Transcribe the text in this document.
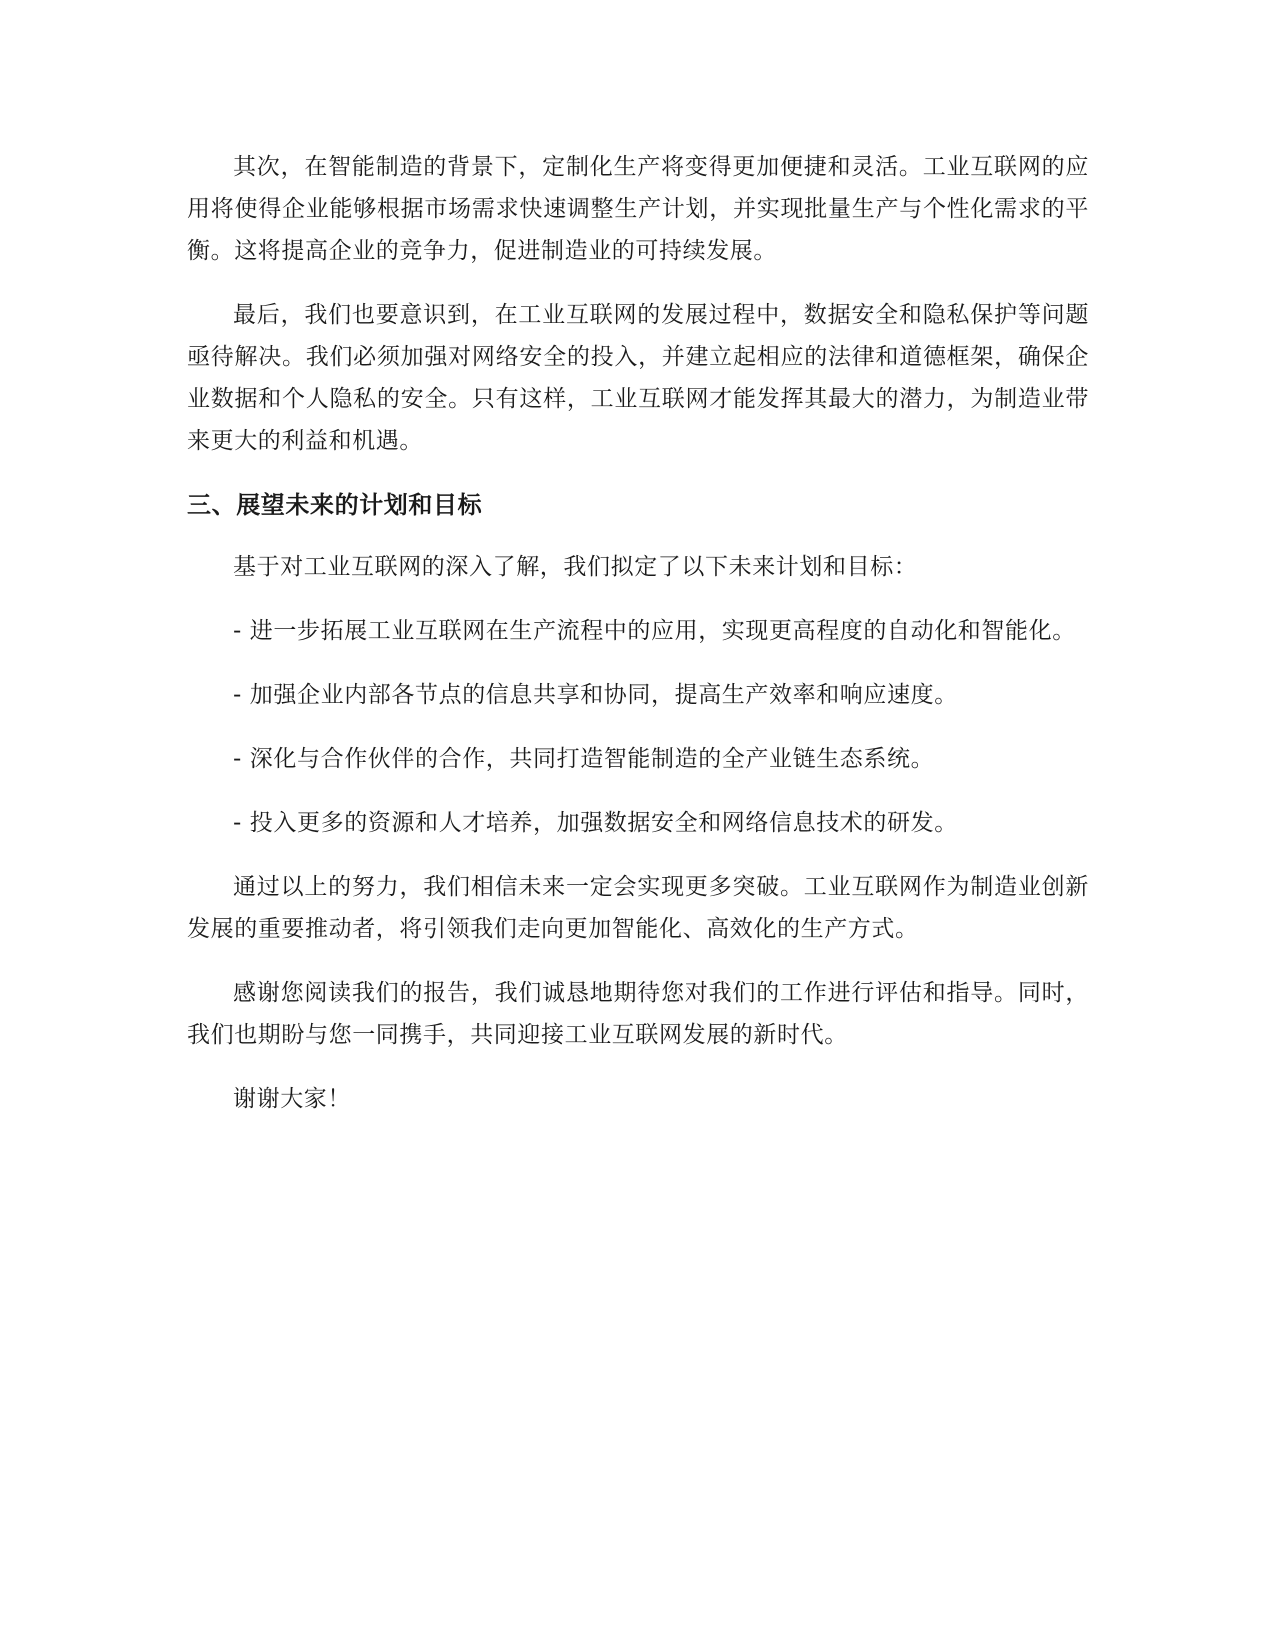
其次，在智能制造的背景下，定制化生产将变得更加便捷和灵活。工业互联网的应用将使得企业能够根据市场需求快速调整生产计划，并实现批量生产与个性化需求的平衡。这将提高企业的竞争力，促进制造业的可持续发展。

最后，我们也要意识到，在工业互联网的发展过程中，数据安全和隐私保护等问题亟待解决。我们必须加强对网络安全的投入，并建立起相应的法律和道德框架，确保企业数据和个人隐私的安全。只有这样，工业互联网才能发挥其最大的潜力，为制造业带来更大的利益和机遇。

三、展望未来的计划和目标

基于对工业互联网的深入了解，我们拟定了以下未来计划和目标：

- 进一步拓展工业互联网在生产流程中的应用，实现更高程度的自动化和智能化。

- 加强企业内部各节点的信息共享和协同，提高生产效率和响应速度。

- 深化与合作伙伴的合作，共同打造智能制造的全产业链生态系统。

- 投入更多的资源和人才培养，加强数据安全和网络信息技术的研发。

通过以上的努力，我们相信未来一定会实现更多突破。工业互联网作为制造业创新发展的重要推动者，将引领我们走向更加智能化、高效化的生产方式。

感谢您阅读我们的报告，我们诚恳地期待您对我们的工作进行评估和指导。同时，我们也期盼与您一同携手，共同迎接工业互联网发展的新时代。

谢谢大家！
